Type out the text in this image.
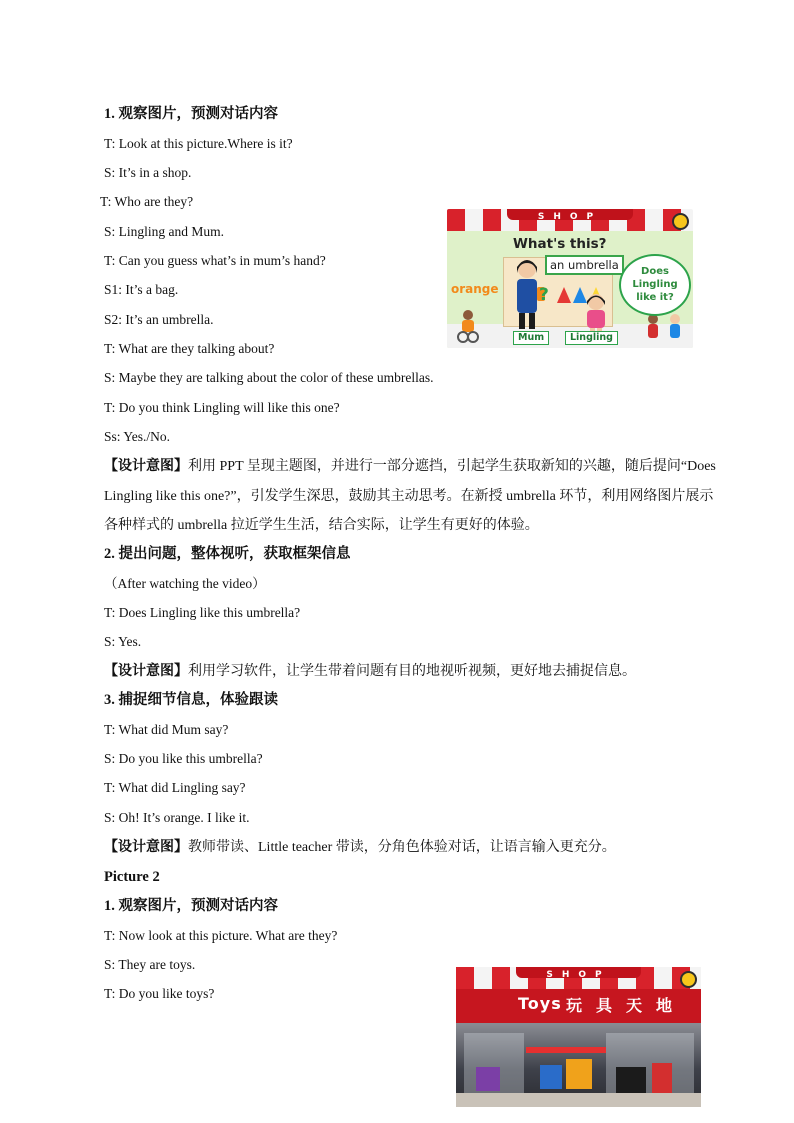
1. 观察图片，预测对话内容
T: Look at this picture.Where is it?
S: It’s in a shop.
T: Who are they?
S: Lingling and Mum.
T: Can you guess what’s in mum’s hand?
S1: It’s a bag.
S2: It’s an umbrella.
T: What are they talking about?
S: Maybe they are talking about the color of these umbrellas.
T: Do you think Lingling will like this one?
Ss: Yes./No.
【设计意图】利用 PPT 呈现主题图，并进行一部分遮挡，引起学生获取新知的兴趣，随后提问“Does Lingling like this one?”，引发学生深思，鼓励其主动思考。在新授 umbrella 环节，利用网络图片展示各种样式的 umbrella 拉近学生生活，结合实际，让学生有更好的体验。
2. 提出问题，整体视听，获取框架信息
（After watching the video）
T: Does Lingling like this umbrella?
S: Yes.
【设计意图】利用学习软件，让学生带着问题有目的地视听视频，更好地去捕捉信息。
3. 捕捉细节信息，体验跟读
T: What did Mum say?
S: Do you like this umbrella?
T: What did Lingling say?
S: Oh! It’s orange. I like it.
【设计意图】教师带读、Little teacher 带读，分角色体验对话，让语言输入更充分。
Picture 2
1. 观察图片，预测对话内容
T: Now look at this picture. What are they?
S: They are toys.
T: Do you like toys?
SHOP
What's this?
an umbrella
orange ?
Does Lingling like it?
Mum	Lingling
Toys 玩具天地
SHOP
